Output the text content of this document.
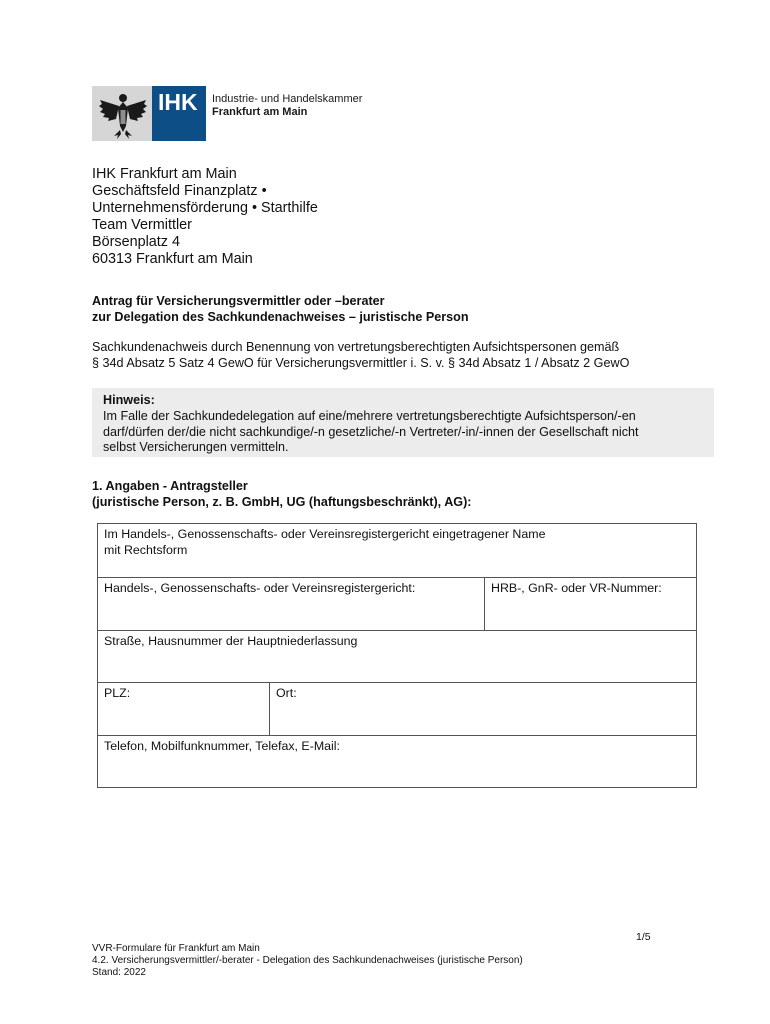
IHK	Industrie- und Handelskammer
Frankfurt am Main
IHK Frankfurt am Main
Geschäftsfeld Finanzplatz •
Unternehmensförderung • Starthilfe
Team Vermittler
Börsenplatz 4
60313 Frankfurt am Main
Antrag für Versicherungsvermittler oder –berater
zur Delegation des Sachkundenachweises – juristische Person
Sachkundenachweis durch Benennung von vertretungsberechtigten Aufsichtspersonen gemäß
§ 34d Absatz 5 Satz 4 GewO für Versicherungsvermittler i. S. v. § 34d Absatz 1 / Absatz 2 GewO
Hinweis:
Im Falle der Sachkundedelegation auf eine/mehrere vertretungsberechtigte Aufsichtsperson/-en
darf/dürfen der/die nicht sachkundige/-n gesetzliche/-n Vertreter/-in/-innen der Gesellschaft nicht
selbst Versicherungen vermitteln.
1. Angaben - Antragsteller
(juristische Person, z. B. GmbH, UG (haftungsbeschränkt), AG):
Im Handels-, Genossenschafts- oder Vereinsregistergericht eingetragener Name
mit Rechtsform
Handels-, Genossenschafts- oder Vereinsregistergericht:	HRB-, GnR- oder VR-Nummer:
Straße, Hausnummer der Hauptniederlassung
PLZ:	Ort:
Telefon, Mobilfunknummer, Telefax, E-Mail:
1/5
VVR-Formulare für Frankfurt am Main
4.2. Versicherungsvermittler/-berater - Delegation des Sachkundenachweises (juristische Person)
Stand: 2022
